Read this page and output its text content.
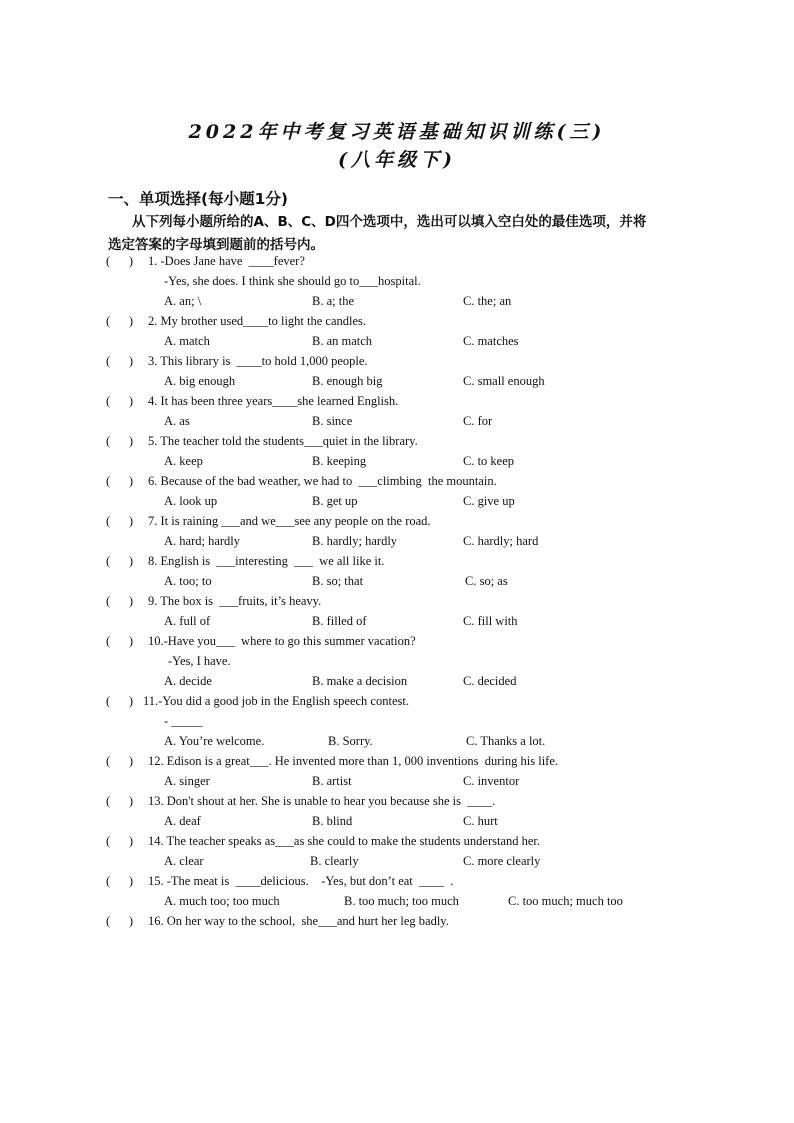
2022年中考复习英语基础知识训练(三)
(八年级下)
一、单项选择(每小题1分)
从下列每小题所给的A、B、C、D四个选项中，选出可以填入空白处的最佳选项，并将
选定答案的字母填到题前的括号内。
(      ) 1. -Does Jane have  ____fever?
-Yes, she does. I think she should go to___hospital.
A. an; \	B. a; the	C. the; an
(      ) 2. My brother used____to light the candles.
A. match	B. an match	C. matches
(      ) 3. This library is  ____to hold 1,000 people.
A. big enough	B. enough big	C. small enough
(      ) 4. It has been three years____she learned English.
A. as	B. since	C. for
(      ) 5. The teacher told the students___quiet in the library.
A. keep	B. keeping	C. to keep
(      ) 6. Because of the bad weather, we had to  ___climbing  the mountain.
A. look up	B. get up	C. give up
(      ) 7. It is raining ___and we___see any people on the road.
A. hard; hardly	B. hardly; hardly	C. hardly; hard
(      ) 8. English is  ___interesting  ___  we all like it.
A. too; to	B. so; that	C. so; as
(      ) 9. The box is  ___fruits, it’s heavy.
A. full of	B. filled of	C. fill with
(      ) 10.-Have you___  where to go this summer vacation?
-Yes, I have.
A. decide	B. make a decision	C. decided
(      ) 11.-You did a good job in the English speech contest.
- _____
A. You’re welcome.	B. Sorry.	C. Thanks a lot.
(      ) 12. Edison is a great___. He invented more than 1, 000 inventions  during his life.
A. singer	B. artist	C. inventor
(      ) 13. Don't shout at her. She is unable to hear you because she is  ____.
A. deaf	B. blind	C. hurt
(      ) 14. The teacher speaks as___as she could to make the students understand her.
A. clear	B. clearly	C. more clearly
(      ) 15. -The meat is  ____delicious.    -Yes, but don’t eat  ____  .
A. much too; too much	B. too much; too much	C. too much; much too
(      ) 16. On her way to the school,  she___and hurt her leg badly.
